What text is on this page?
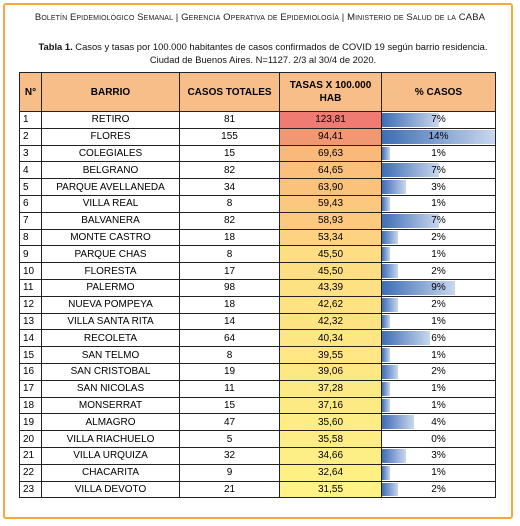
Boletín Epidemiológico Semanal | Gerencia Operativa de Epidemiología | Ministerio de Salud de la CABA
Tabla 1. Casos y tasas por 100.000 habitantes de casos confirmados de COVID 19 según barrio residencia.
Ciudad de Buenos Aires. N=1127. 2/3 al 30/4 de 2020.
N°	BARRIO	CASOS TOTALES	TASAS X 100.000 HAB	% CASOS
1	RETIRO	81	123,81	7%
2	FLORES	155	94,41	14%
3	COLEGIALES	15	69,63	1%
4	BELGRANO	82	64,65	7%
5	PARQUE AVELLANEDA	34	63,90	3%
6	VILLA REAL	8	59,43	1%
7	BALVANERA	82	58,93	7%
8	MONTE CASTRO	18	53,34	2%
9	PARQUE CHAS	8	45,50	1%
10	FLORESTA	17	45,50	2%
11	PALERMO	98	43,39	9%
12	NUEVA POMPEYA	18	42,62	2%
13	VILLA SANTA RITA	14	42,32	1%
14	RECOLETA	64	40,34	6%
15	SAN TELMO	8	39,55	1%
16	SAN CRISTOBAL	19	39,06	2%
17	SAN NICOLAS	11	37,28	1%
18	MONSERRAT	15	37,16	1%
19	ALMAGRO	47	35,60	4%
20	VILLA RIACHUELO	5	35,58	0%
21	VILLA URQUIZA	32	34,66	3%
22	CHACARITA	9	32,64	1%
23	VILLA DEVOTO	21	31,55	2%
